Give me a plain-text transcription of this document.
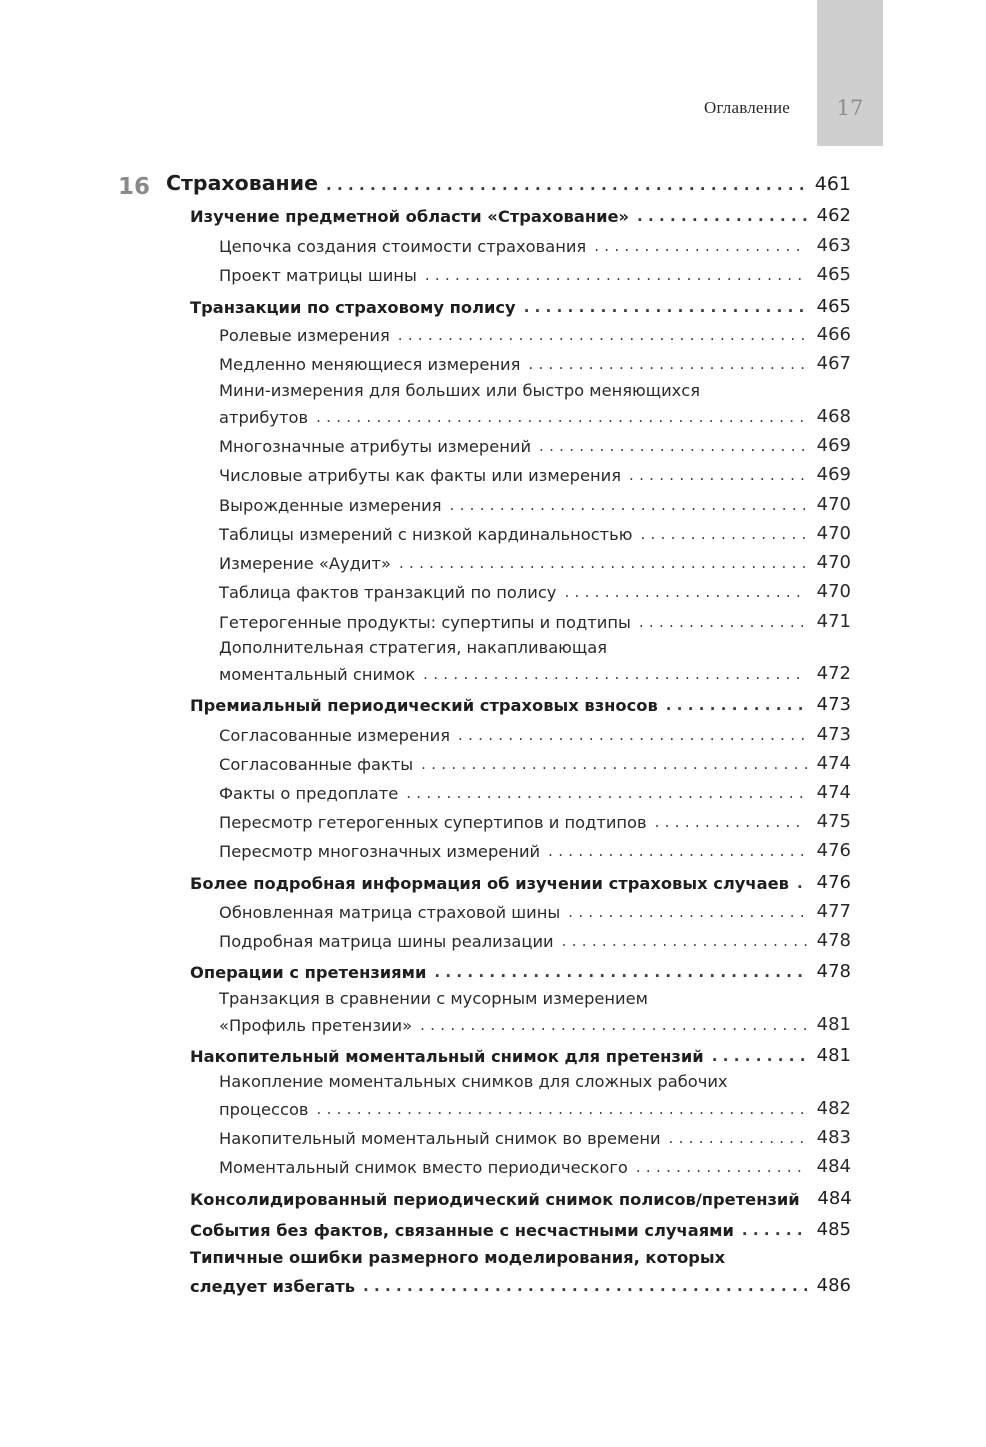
17
Оглавление
16 Страхование .....	461
Изучение предметной области «Страхование» .....	462
Цепочка создания стоимости страхования .....	463
Проект матрицы шины .....	465
Транзакции по страховому полису .....	465
Ролевые измерения .....	466
Медленно меняющиеся измерения .....	467
Мини-измерения для больших или быстро меняющихся
атрибутов .....	468
Многозначные атрибуты измерений .....	469
Числовые атрибуты как факты или измерения .....	469
Вырожденные измерения .....	470
Таблицы измерений с низкой кардинальностью .....	470
Измерение «Аудит» .....	470
Таблица фактов транзакций по полису .....	470
Гетерогенные продукты: супертипы и подтипы .....	471
Дополнительная стратегия, накапливающая
моментальный снимок .....	472
Премиальный периодический страховых взносов .....	473
Согласованные измерения .....	473
Согласованные факты .....	474
Факты о предоплате .....	474
Пересмотр гетерогенных супертипов и подтипов .....	475
Пересмотр многозначных измерений .....	476
Более подробная информация об изучении страховых случаев ..... 476
Обновленная матрица страховой шины .....	477
Подробная матрица шины реализации .....	478
Операции с претензиями .....	478
Транзакция в сравнении с мусорным измерением
«Профиль претензии» .....	481
Накопительный моментальный снимок для претензий .....	481
Накопление моментальных снимков для сложных рабочих
процессов .....	482
Накопительный моментальный снимок во времени .....	483
Моментальный снимок вместо периодического .....	484
Консолидированный периодический снимок полисов/претензий 484
События без фактов, связанные с несчастными случаями .....	485
Типичные ошибки размерного моделирования, которых
следует избегать .....	486
